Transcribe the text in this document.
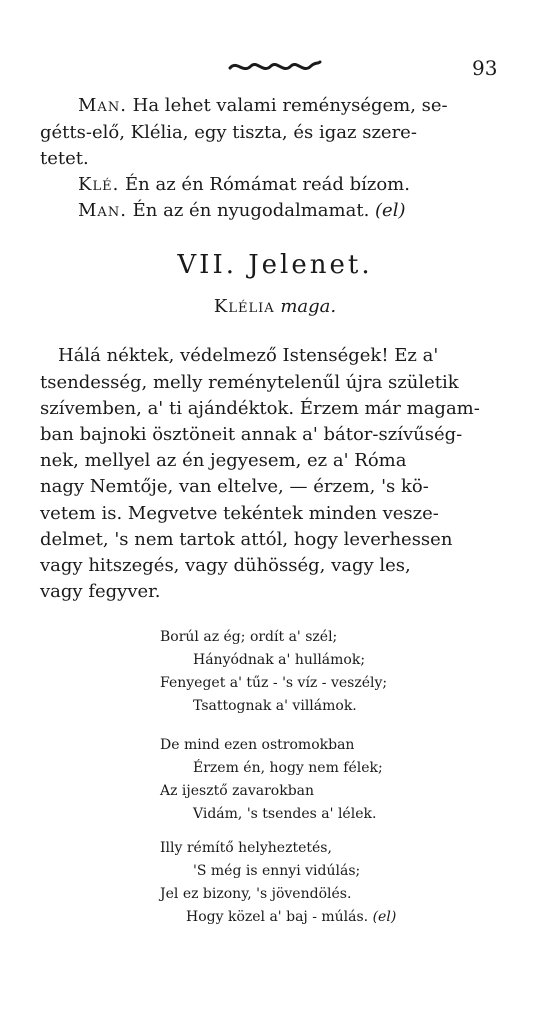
93
Man. Ha lehet valami reménységem, se-
gétts-elő, Klélia, egy tiszta, és igaz szere-
tetet.
Klé. Én az én Rómámat reád bízom.
Man. Én az én nyugodalmamat. (el)
VII. Jelenet.
Klélia maga.
Hálá néktek, védelmező Istenségek! Ez a'
tsendesség, melly reménytelenűl újra születik
szívemben, a' ti ajándéktok. Érzem már magam-
ban bajnoki ösztöneit annak a' bátor-szívűség-
nek, mellyel az én jegyesem, ez a' Róma
nagy Nemtője, van eltelve, — érzem, 's kö-
vetem is. Megvetve tekéntek minden vesze-
delmet, 's nem tartok attól, hogy leverhessen
vagy hitszegés, vagy dühösség, vagy les,
vagy fegyver.
Borúl az ég; ordít a' szél;
Hányódnak a' hullámok;
Fenyeget a' tűz - 's víz - veszély;
Tsattognak a' villámok.
De mind ezen ostromokban
Érzem én, hogy nem félek;
Az ijesztő zavarokban
Vidám, 's tsendes a' lélek.
Illy rémítő helyheztetés,
'S még is ennyi vidúlás;
Jel ez bizony, 's jövendölés.
Hogy közel a' baj - múlás. (el)
